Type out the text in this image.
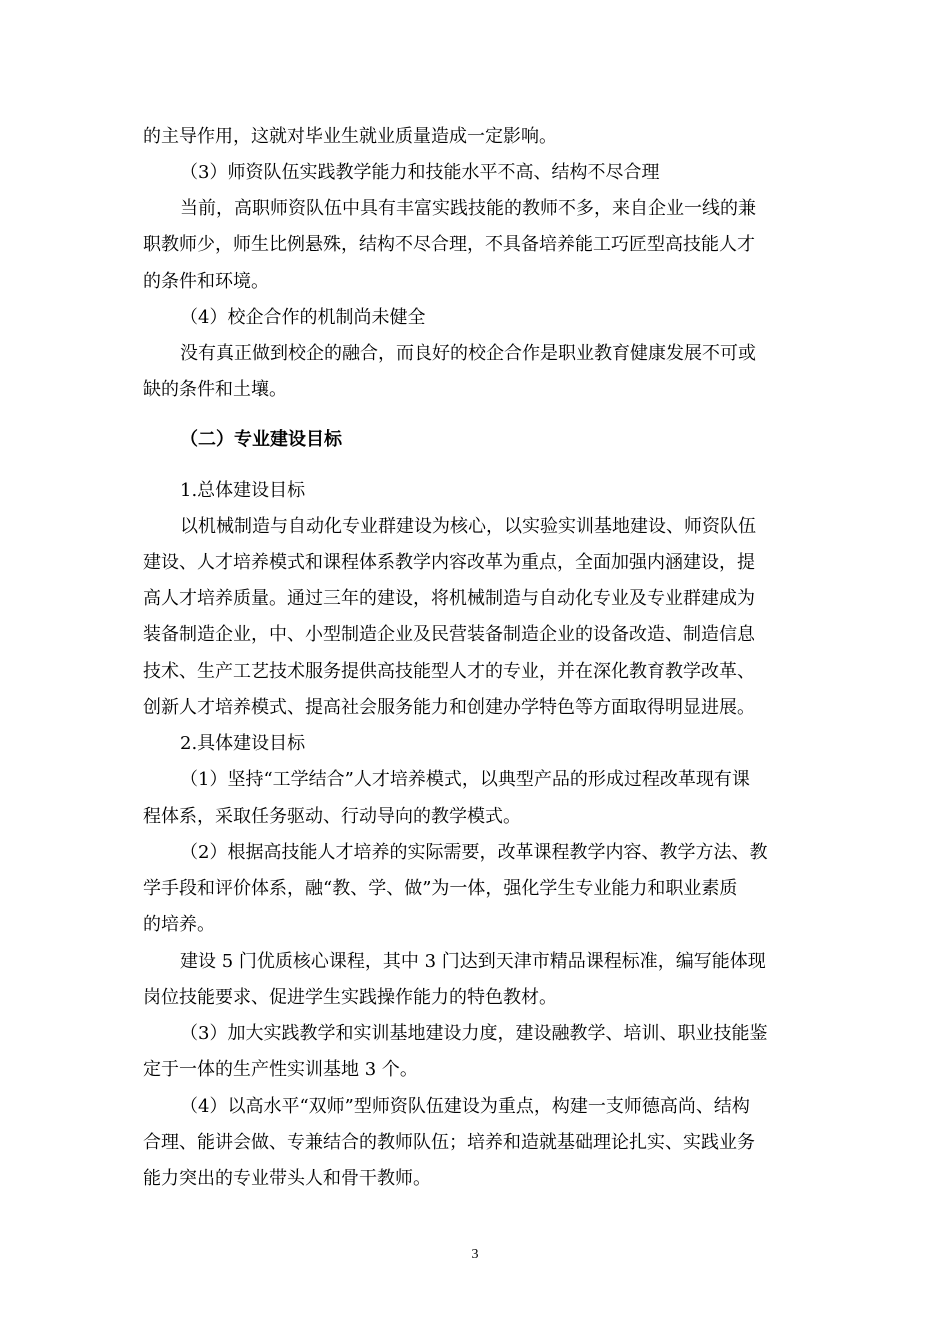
的主导作用，这就对毕业生就业质量造成一定影响。
（3）师资队伍实践教学能力和技能水平不高、结构不尽合理
当前，高职师资队伍中具有丰富实践技能的教师不多，来自企业一线的兼
职教师少，师生比例悬殊，结构不尽合理，不具备培养能工巧匠型高技能人才
的条件和环境。
（4）校企合作的机制尚未健全
没有真正做到校企的融合，而良好的校企合作是职业教育健康发展不可或
缺的条件和土壤。
（二）专业建设目标
1.总体建设目标
以机械制造与自动化专业群建设为核心，以实验实训基地建设、师资队伍
建设、人才培养模式和课程体系教学内容改革为重点，全面加强内涵建设，提
高人才培养质量。通过三年的建设，将机械制造与自动化专业及专业群建成为
装备制造企业，中、小型制造企业及民营装备制造企业的设备改造、制造信息
技术、生产工艺技术服务提供高技能型人才的专业，并在深化教育教学改革、
创新人才培养模式、提高社会服务能力和创建办学特色等方面取得明显进展。
2.具体建设目标
（1）坚持“工学结合”人才培养模式，以典型产品的形成过程改革现有课
程体系，采取任务驱动、行动导向的教学模式。
（2）根据高技能人才培养的实际需要，改革课程教学内容、教学方法、教
学手段和评价体系，融“教、学、做”为一体，强化学生专业能力和职业素质
的培养。
建设 5 门优质核心课程，其中 3 门达到天津市精品课程标准，编写能体现
岗位技能要求、促进学生实践操作能力的特色教材。
（3）加大实践教学和实训基地建设力度，建设融教学、培训、职业技能鉴
定于一体的生产性实训基地 3 个。
（4）以高水平“双师”型师资队伍建设为重点，构建一支师德高尚、结构
合理、能讲会做、专兼结合的教师队伍；培养和造就基础理论扎实、实践业务
能力突出的专业带头人和骨干教师。
3
